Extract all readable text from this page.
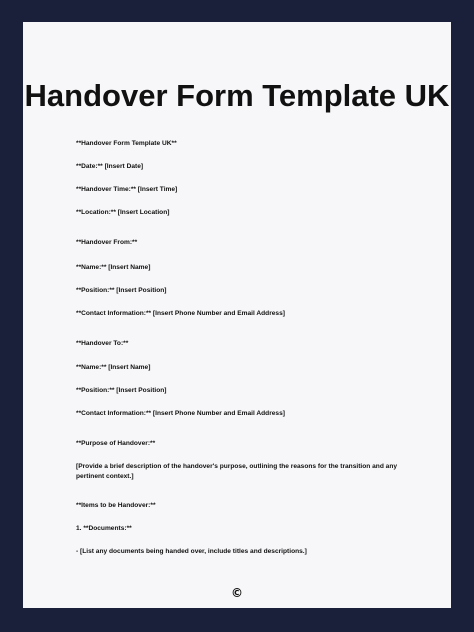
Handover Form Template UK
**Handover Form Template UK**
**Date:** [Insert Date]
**Handover Time:** [Insert Time]
**Location:** [Insert Location]
**Handover From:**
**Name:** [Insert Name]
**Position:** [Insert Position]
**Contact Information:** [Insert Phone Number and Email Address]
**Handover To:**
**Name:** [Insert Name]
**Position:** [Insert Position]
**Contact Information:** [Insert Phone Number and Email Address]
**Purpose of Handover:**
[Provide a brief description of the handover's purpose, outlining the reasons for the transition and any pertinent context.]
**Items to be Handover:**
1. **Documents:**
- [List any documents being handed over, include titles and descriptions.]
©
